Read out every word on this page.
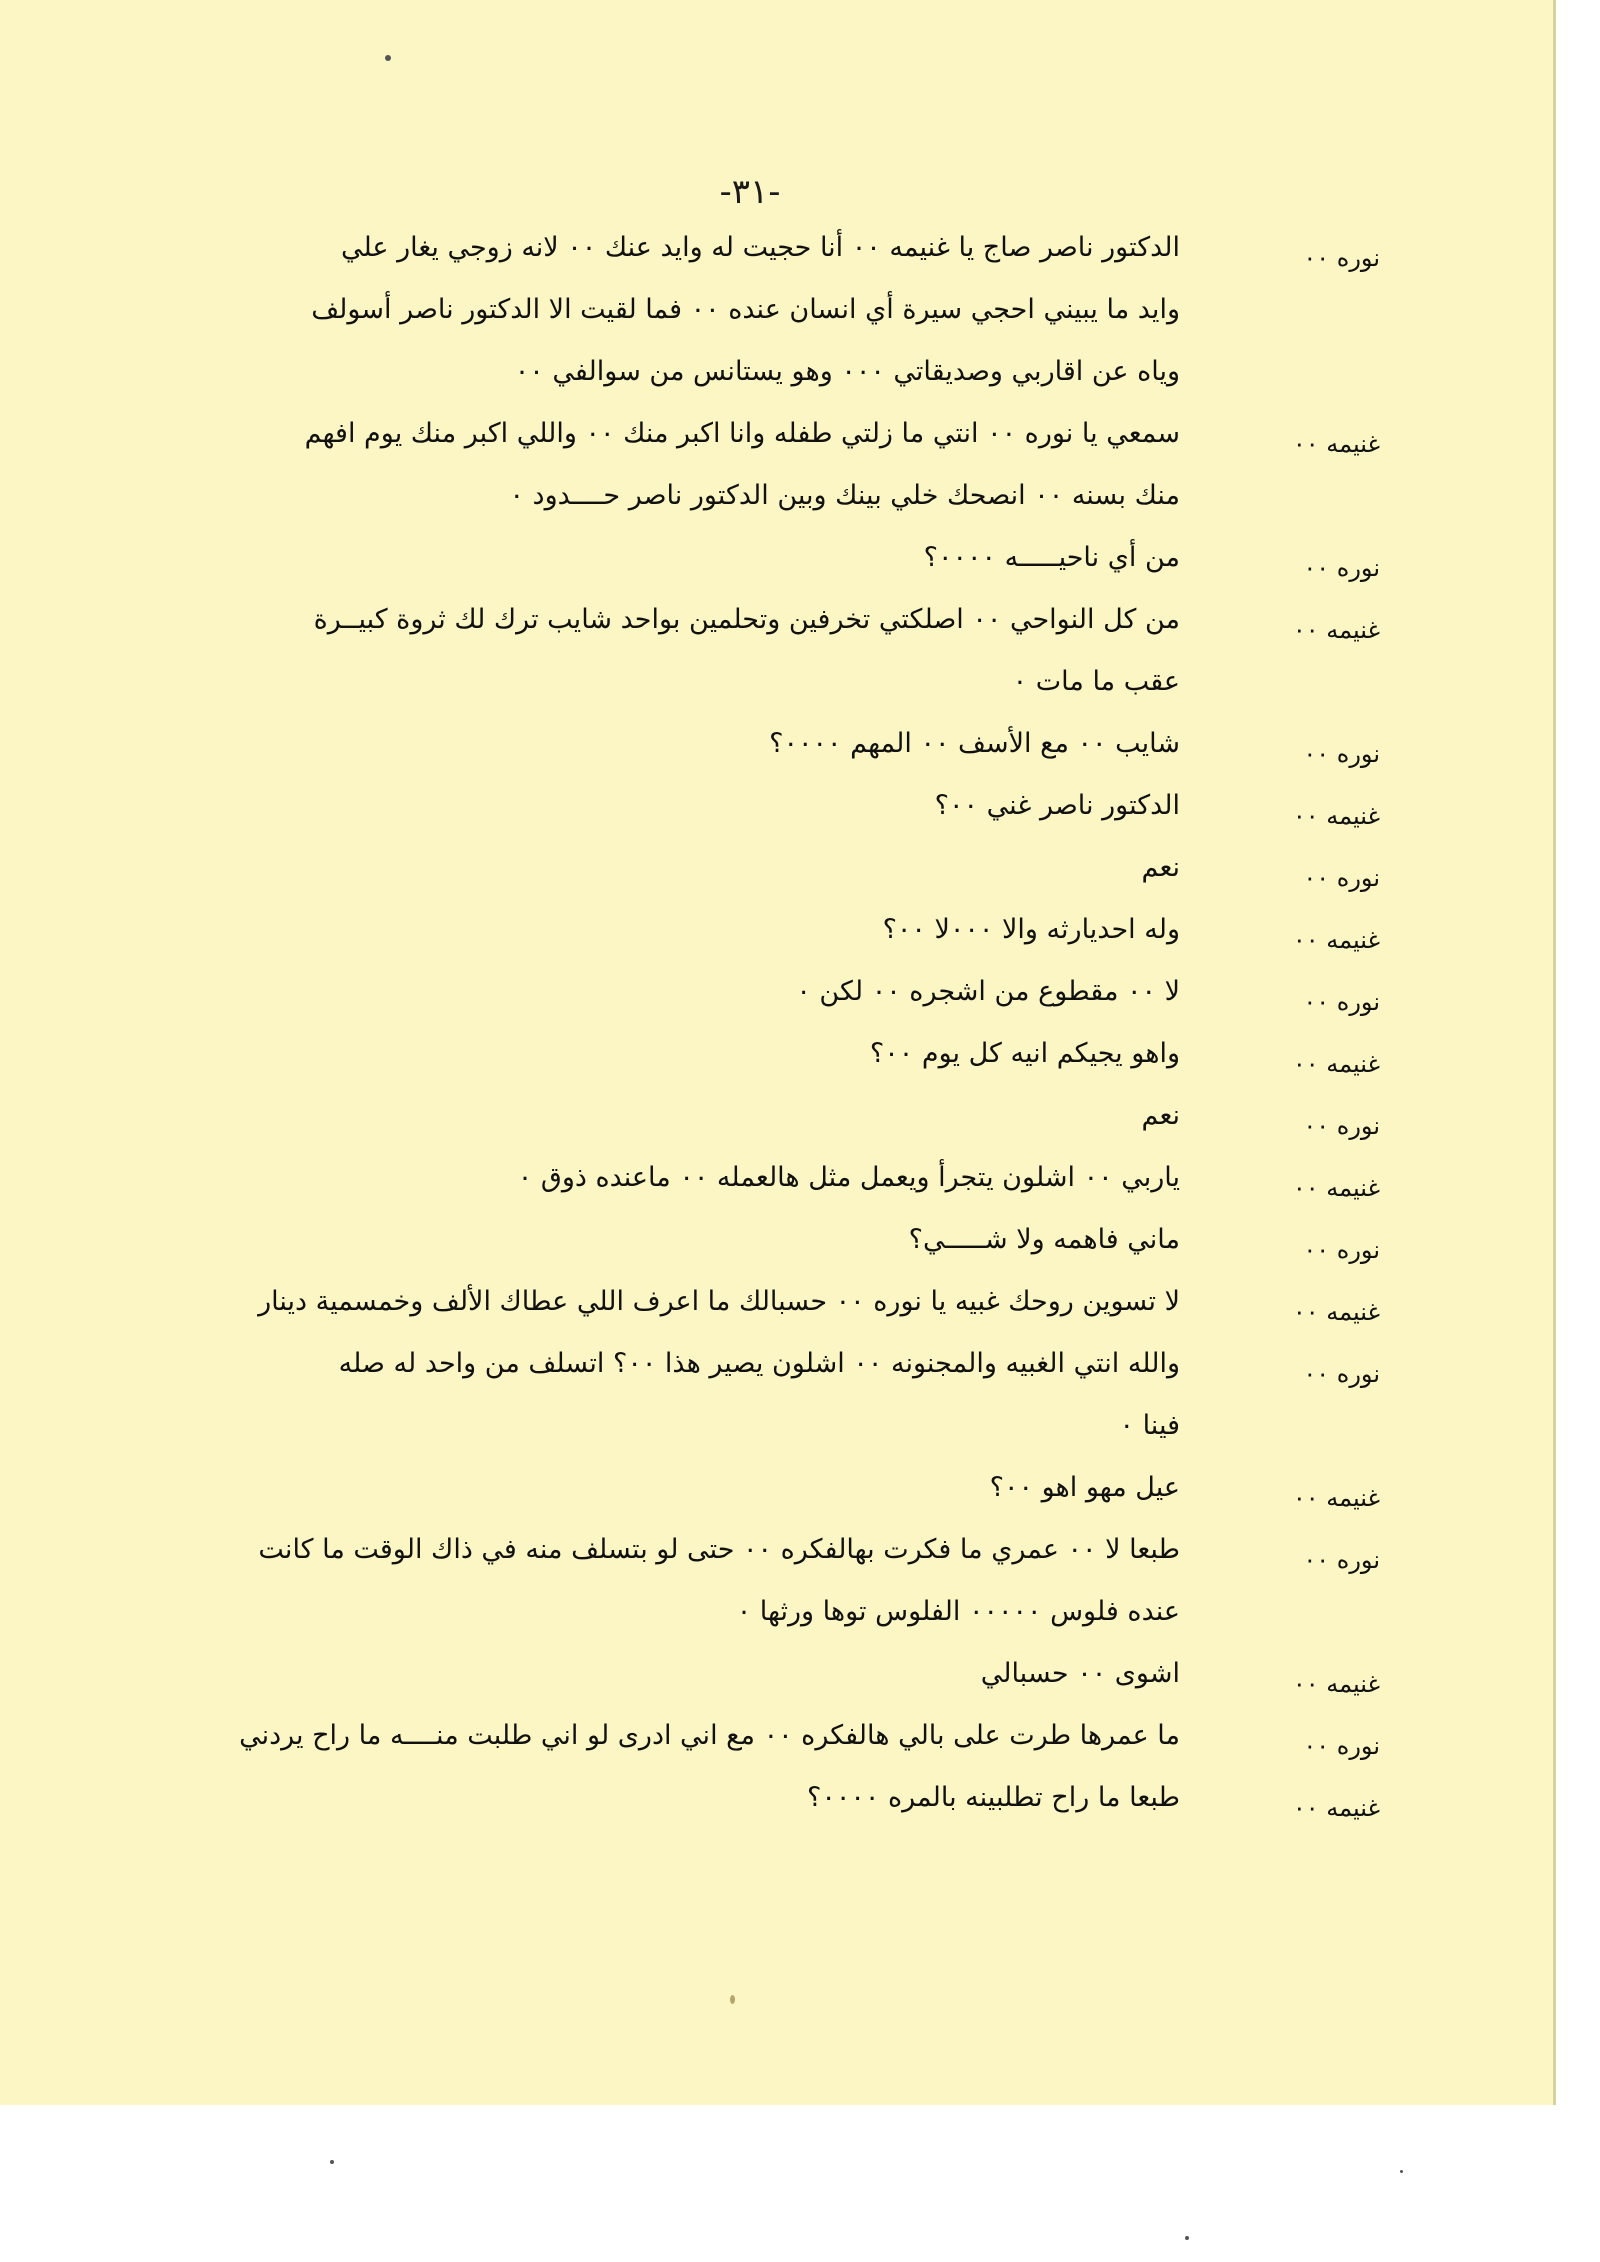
-٣١-
نوره ٠٠
الدكتور ناصر صاج يا غنيمه ٠٠ أنا حجيت له وايد عنك ٠٠ لانه زوجي يغار علي
وايد ما يبيني احجي سيرة أي انسان عنده ٠٠ فما لقيت الا الدكتور ناصر أسولف
وياه عن اقاربي وصديقاتي ٠٠٠ وهو يستانس من سوالفي ٠٠
غنيمه ٠٠
سمعي يا نوره ٠٠ انتي ما زلتي طفله وانا اكبر منك ٠٠ واللي اكبر منك يوم افهم
منك بسنه ٠٠ انصحك خلي بينك وبين الدكتور ناصر حــــدود ٠
نوره ٠٠
من أي ناحيـــــه ٠٠٠٠؟
غنيمه ٠٠
من كل النواحي ٠٠ اصلكتي تخرفين وتحلمين بواحد شايب ترك لك ثروة كبيــرة
عقب ما مات ٠
نوره ٠٠
شايب ٠٠ مع الأسف ٠٠ المهم ٠٠٠٠؟
غنيمه ٠٠
الدكتور ناصر غني ٠٠؟
نوره ٠٠
نعم
غنيمه ٠٠
وله احديارثه والا ٠٠٠لا ٠٠؟
نوره ٠٠
لا ٠٠ مقطوع من اشجره ٠٠ لكن ٠
غنيمه ٠٠
واهو يجيكم انيه كل يوم ٠٠؟
نوره ٠٠
نعم
غنيمه ٠٠
ياربي ٠٠ اشلون يتجرأ ويعمل مثل هالعمله ٠٠ ماعنده ذوق ٠
نوره ٠٠
ماني فاهمه ولا شـــــي؟
غنيمه ٠٠
لا تسوين روحك غبيه يا نوره ٠٠ حسبالك ما اعرف اللي عطاك الألف وخمسمية دينار
نوره ٠٠
والله انتي الغبيه والمجنونه ٠٠ اشلون يصير هذا ٠٠؟ اتسلف من واحد له صله
فينا ٠
غنيمه ٠٠
عيل مهو اهو ٠٠؟
نوره ٠٠
طبعا لا ٠٠ عمري ما فكرت بهالفكره ٠٠ حتى لو بتسلف منه في ذاك الوقت ما كانت
عنده فلوس ٠٠٠٠٠ الفلوس توها ورثها ٠
غنيمه ٠٠
اشوى ٠٠ حسبالي
نوره ٠٠
ما عمرها طرت على بالي هالفكره ٠٠ مع اني ادرى لو اني طلبت منــــه ما راح يردني
غنيمه ٠٠
طبعا ما راح تطلبينه بالمره ٠٠٠٠؟
